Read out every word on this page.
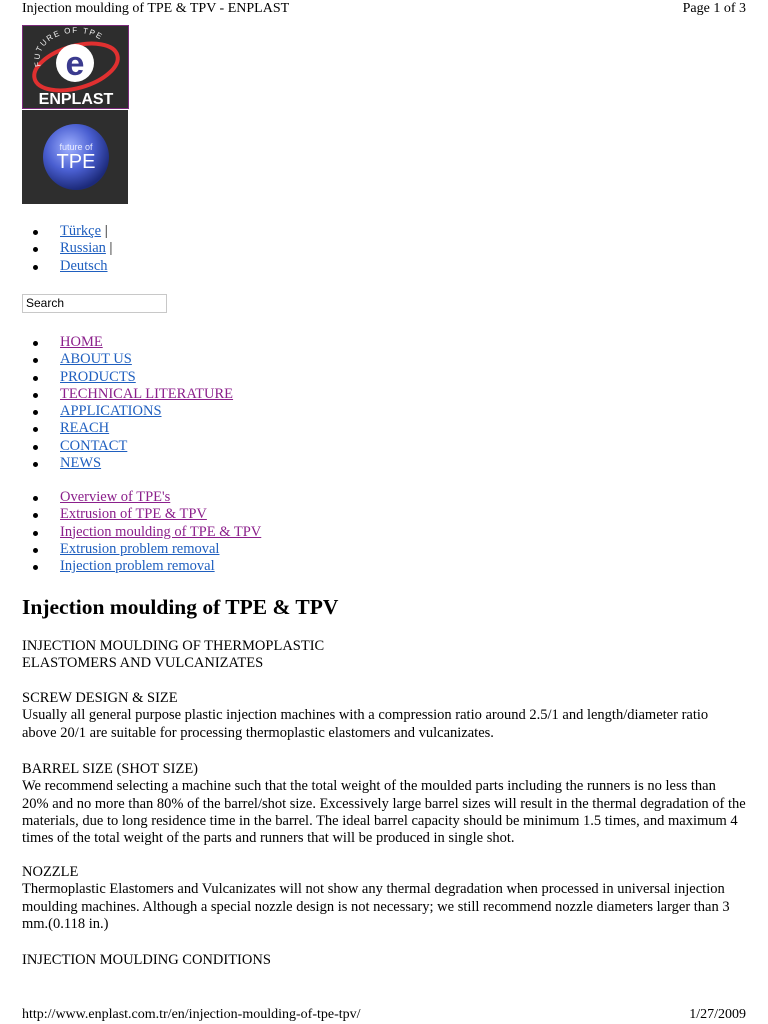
Injection moulding of TPE & TPV - ENPLAST	Page 1 of 3
FUTURE OF TPE
e
ENPLAST
future of
TPE
Türkçe |
Russian |
Deutsch
Search
HOME
ABOUT US
PRODUCTS
TECHNICAL LITERATURE
APPLICATIONS
REACH
CONTACT
NEWS
Overview of TPE's
Extrusion of TPE & TPV
Injection moulding of TPE & TPV
Extrusion problem removal
Injection problem removal
Injection moulding of TPE & TPV

INJECTION MOULDING OF THERMOPLASTIC

ELASTOMERS AND VULCANIZATES

SCREW DESIGN & SIZE

Usually all general purpose plastic injection machines with a compression ratio around 2.5/1 and length/diameter ratio above 20/1 are suitable for processing thermoplastic elastomers and vulcanizates.

BARREL SIZE (SHOT SIZE)

We recommend selecting a machine such that the total weight of the moulded parts including the runners is no less than 20% and no more than 80% of the barrel/shot size. Excessively large barrel sizes will result in the thermal degradation of the materials, due to long residence time in the barrel. The ideal barrel capacity should be minimum 1.5 times, and maximum 4 times of the total weight of the parts and runners that will be produced in single shot.

NOZZLE

Thermoplastic Elastomers and Vulcanizates will not show any thermal degradation when processed in universal injection moulding machines. Although a special nozzle design is not necessary; we still recommend nozzle diameters larger than 3 mm.(0.118 in.)

INJECTION MOULDING CONDITIONS

http://www.enplast.com.tr/en/injection-moulding-of-tpe-tpv/	1/27/2009
